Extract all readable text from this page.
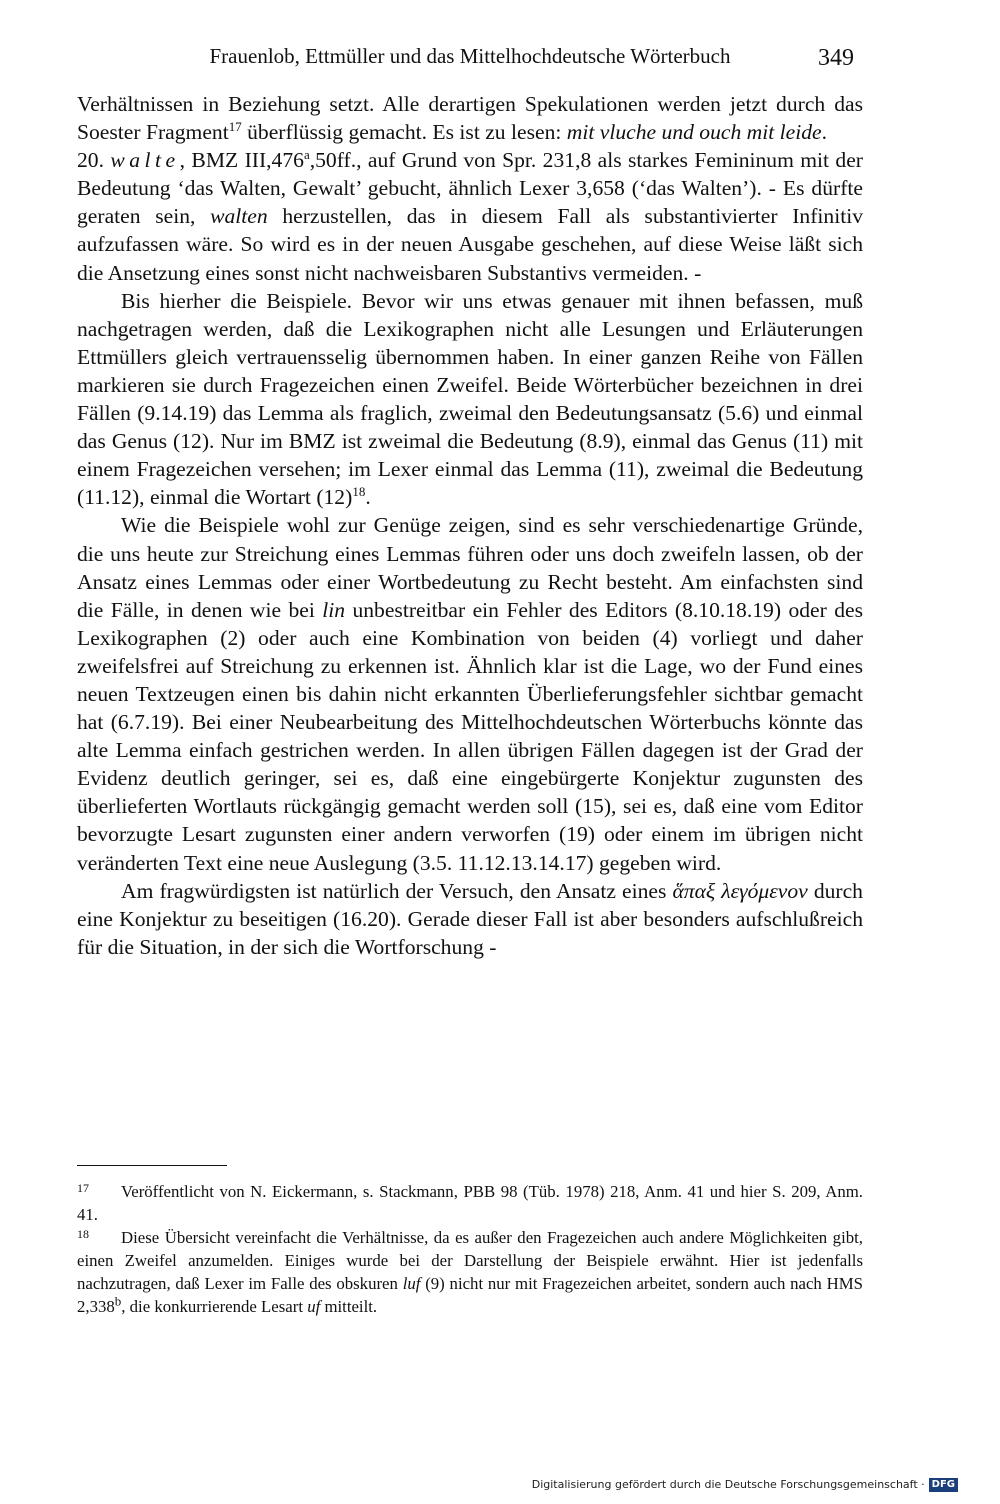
Frauenlob, Ettmüller und das Mittelhochdeutsche Wörterbuch	349

Verhältnissen in Beziehung setzt. Alle derartigen Spekulationen werden jetzt durch das Soester Fragment$^{17}$ überflüssig gemacht. Es ist zu lesen: mit vluche und ouch mit leide.

20. walte, BMZ III,476$^a$,50ff., auf Grund von Spr. 231,8 als starkes Femininum mit der Bedeutung ‘das Walten, Gewalt’ gebucht, ähnlich Lexer 3,658 (‘das Walten’). - Es dürfte geraten sein, walten herzustellen, das in diesem Fall als substantivierter Infinitiv aufzufassen wäre. So wird es in der neuen Ausgabe geschehen, auf diese Weise läßt sich die Ansetzung eines sonst nicht nachweisbaren Substantivs vermeiden. -

Bis hierher die Beispiele. Bevor wir uns etwas genauer mit ihnen befassen, muß nachgetragen werden, daß die Lexikographen nicht alle Lesungen und Erläuterungen Ettmüllers gleich vertrauensselig übernommen haben. In einer ganzen Reihe von Fällen markieren sie durch Fragezeichen einen Zweifel. Beide Wörterbücher bezeichnen in drei Fällen (9.14.19) das Lemma als fraglich, zweimal den Bedeutungsansatz (5.6) und einmal das Genus (12). Nur im BMZ ist zweimal die Bedeutung (8.9), einmal das Genus (11) mit einem Fragezeichen versehen; im Lexer einmal das Lemma (11), zweimal die Bedeutung (11.12), einmal die Wortart $(12)^{18}$.

Wie die Beispiele wohl zur Genüge zeigen, sind es sehr verschiedenartige Gründe, die uns heute zur Streichung eines Lemmas führen oder uns doch zweifeln lassen, ob der Ansatz eines Lemmas oder einer Wortbedeutung zu Recht besteht. Am einfachsten sind die Fälle, in denen wie bei lin unbestreitbar ein Fehler des Editors (8.10.18.19) oder des Lexikographen (2) oder auch eine Kombination von beiden (4) vorliegt und daher zweifelsfrei auf Streichung zu erkennen ist. Ähnlich klar ist die Lage, wo der Fund eines neuen Textzeugen einen bis dahin nicht erkannten Überlieferungsfehler sichtbar gemacht hat (6.7.19). Bei einer Neubearbeitung des Mittelhochdeutschen Wörterbuchs könnte das alte Lemma einfach gestrichen werden. In allen übrigen Fällen dagegen ist der Grad der Evidenz deutlich geringer, sei es, daß eine eingebürgerte Konjektur zugunsten des überlieferten Wortlauts rückgängig gemacht werden soll (15), sei es, daß eine vom Editor bevorzugte Lesart zugunsten einer andern verworfen (19) oder einem im übrigen nicht veränderten Text eine neue Auslegung (3.5. 11.12.13.14.17) gegeben wird.

Am fragwürdigsten ist natürlich der Versuch, den Ansatz eines ἅπαξ λεγόμενον durch eine Konjektur zu beseitigen (16.20). Gerade dieser Fall ist aber besonders aufschlußreich für die Situation, in der sich die Wortforschung -

17 Veröffentlicht von N. Eickermann, s. Stackmann, PBB 98 (Tüb. 1978) 218, Anm. 41 und hier S. 209, Anm. 41.

18 Diese Übersicht vereinfacht die Verhältnisse, da es außer den Fragezeichen auch andere Möglichkeiten gibt, einen Zweifel anzumelden. Einiges wurde bei der Darstellung der Beispiele erwähnt. Hier ist jedenfalls nachzutragen, daß Lexer im Falle des obskuren luf (9) nicht nur mit Fragezeichen arbeitet, sondern auch nach HMS 2,338$^b$, die konkurrierende Lesart uf mitteilt.

Digitalisierung gefördert durch die Deutsche Forschungsgemeinschaft · DFG
